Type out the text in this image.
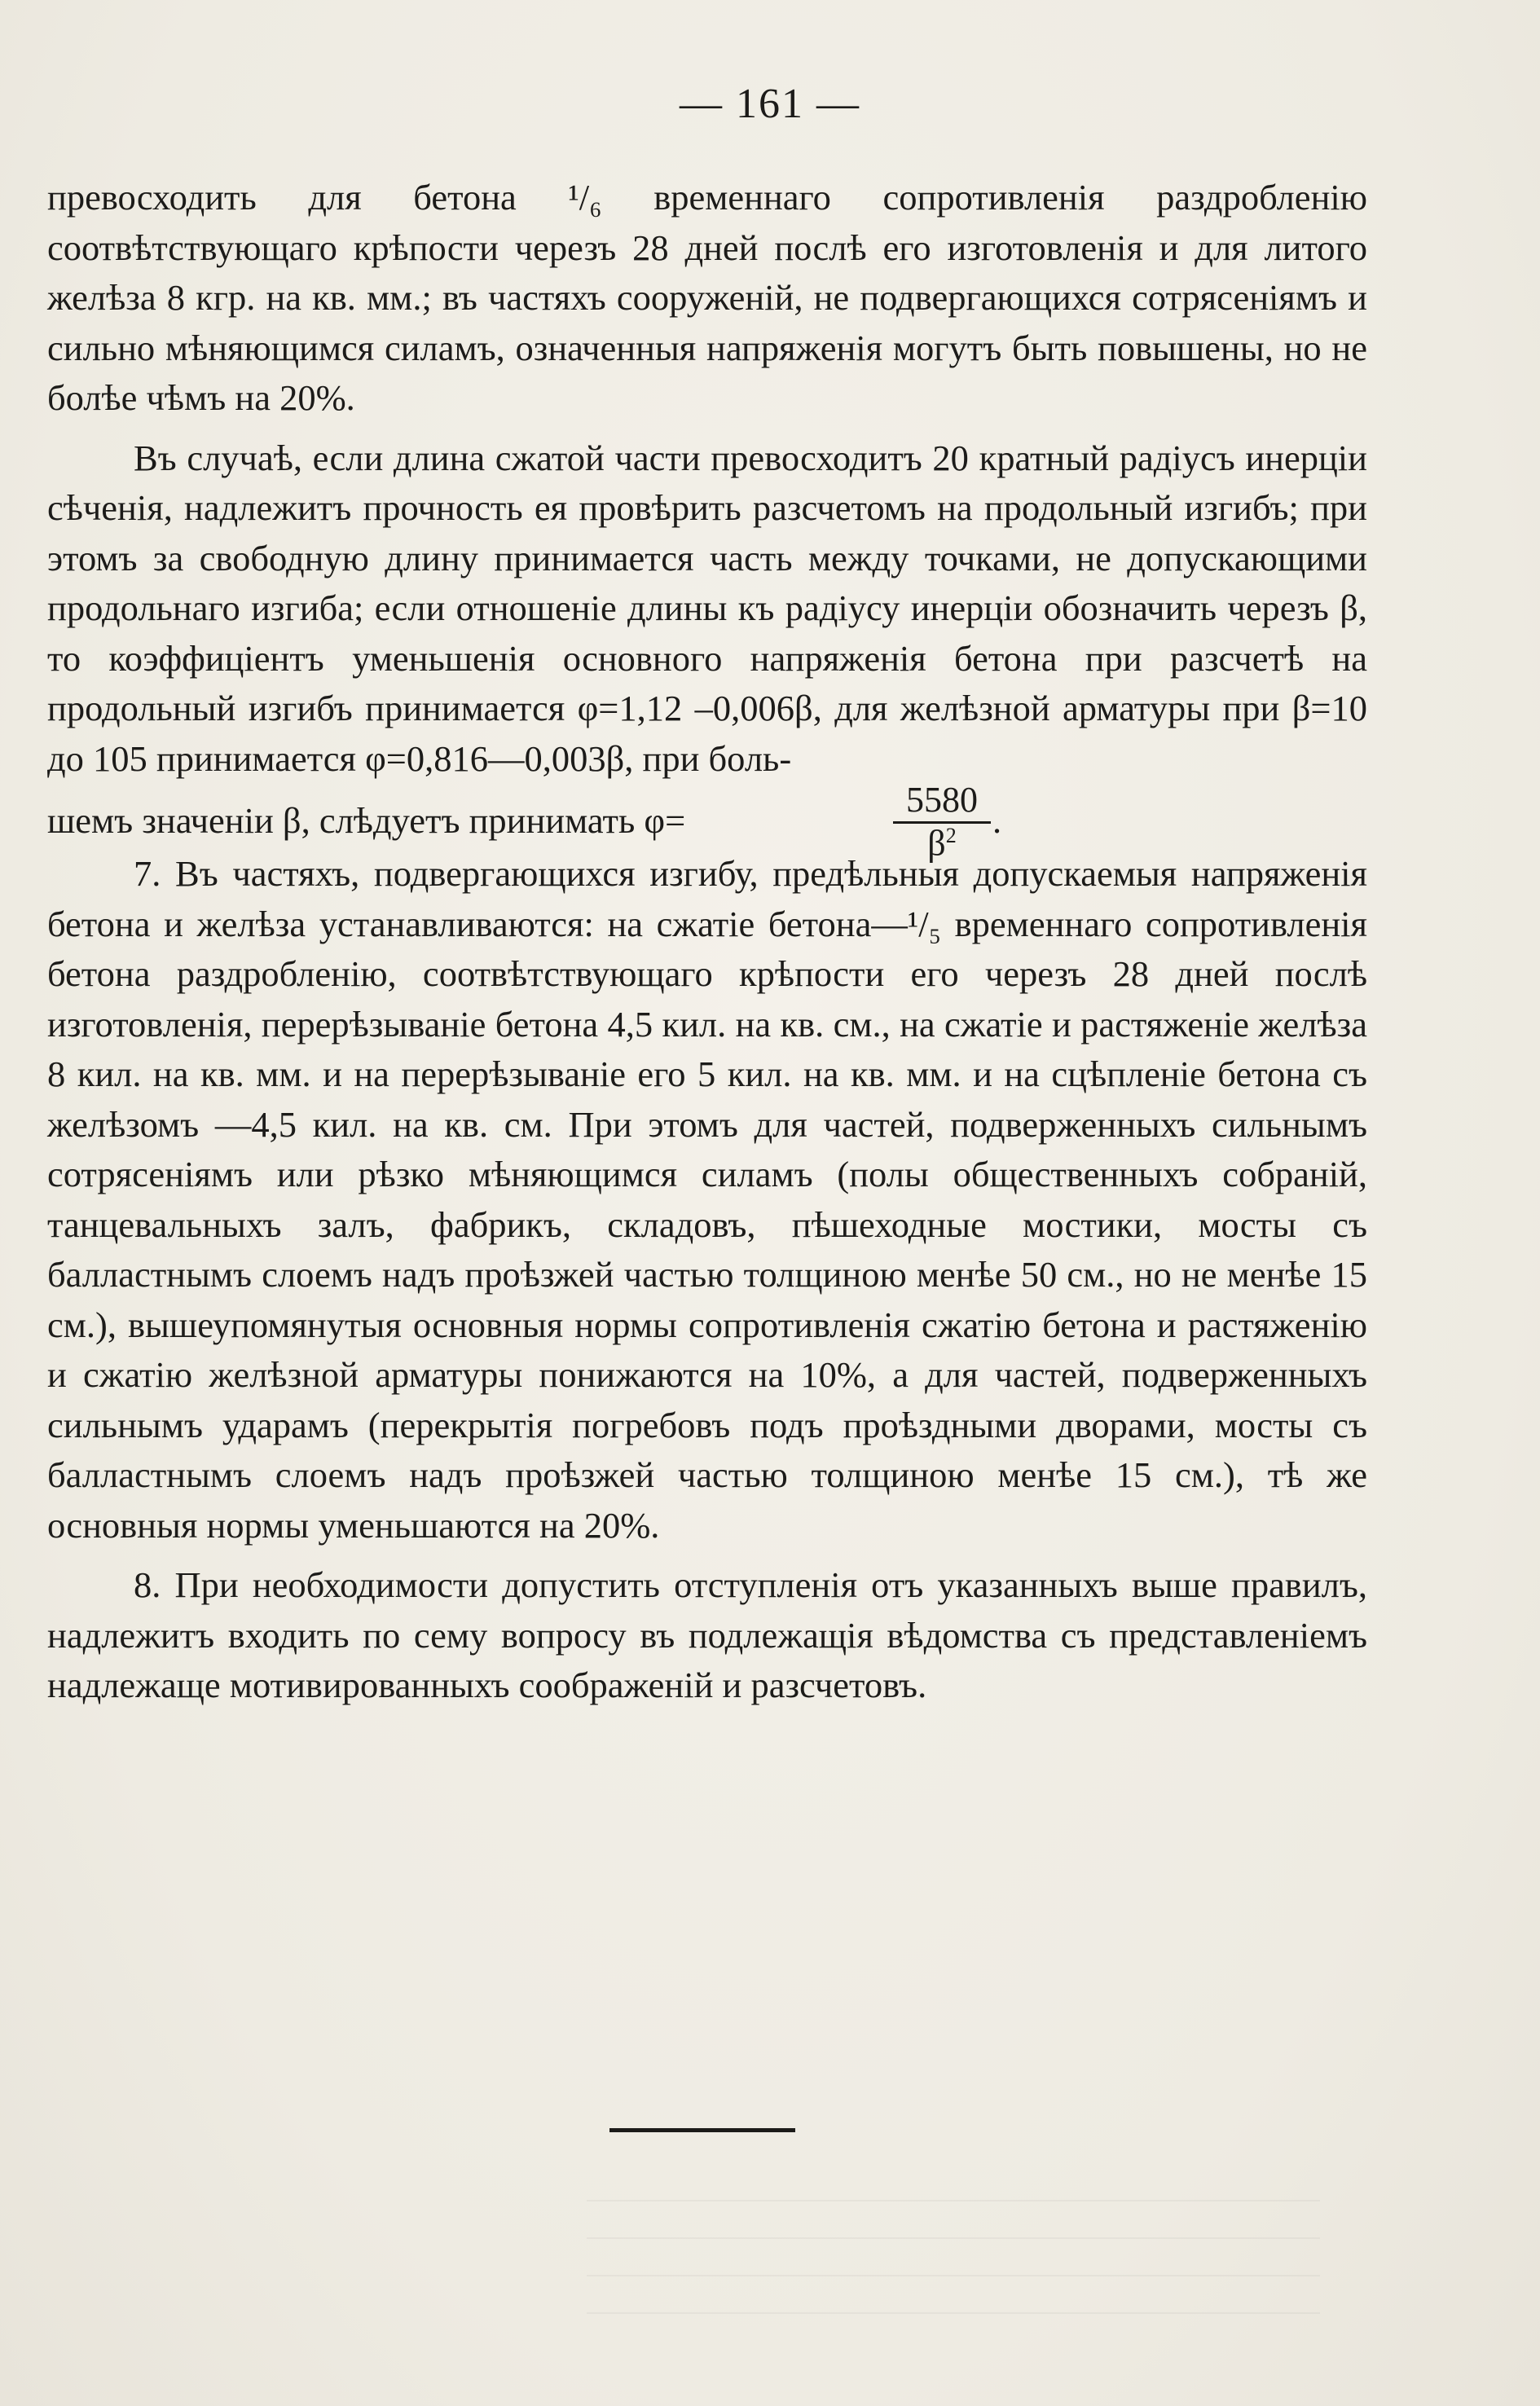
— 161 —

превосходить для бетона ¹/₆ временнаго сопротивленія раздробленію соотвѣтствующаго крѣпости черезъ 28 дней послѣ его изготовленія и для литого желѣза 8 кгр. на кв. мм.; въ частяхъ сооруженій, не подвергающихся сотрясеніямъ и сильно мѣняющимся силамъ, означенныя напряженія могутъ быть повышены, но не болѣе чѣмъ на 20%.

Въ случаѣ, если длина сжатой части превосходитъ 20 кратный радіусъ инерціи сѣченія, надлежитъ прочность ея провѣрить разсчетомъ на продольный изгибъ; при этомъ за свободную длину принимается часть между точками, не допускающими продольнаго изгиба; если отношеніе длины къ радіусу инерціи обозначить черезъ β, то коэффиціентъ уменьшенія основного напряженія бетона при разсчетѣ на продольный изгибъ принимается φ=1,12 –0,006β, для желѣзной арматуры при β=10 до 105 принимается φ=0,816—0,003β, при боль-

шемъ значеніи β, слѣдуетъ принимать φ=	$\frac{5580}{\beta^2}$ .

7. Въ частяхъ, подвергающихся изгибу, предѣльныя допускаемыя напряженія бетона и желѣза устанавливаются: на сжатіе бетона—¹/₅ временнаго сопротивленія бетона раздробленію, соотвѣтствующаго крѣпости его черезъ 28 дней послѣ изготовленія, перерѣзываніе бетона 4,5 кил. на кв. см., на сжатіе и растяженіе желѣза 8 кил. на кв. мм. и на перерѣзываніе его 5 кил. на кв. мм. и на сцѣпленіе бетона съ желѣзомъ —4,5 кил. на кв. см. При этомъ для частей, подверженныхъ сильнымъ сотрясеніямъ или рѣзко мѣняющимся силамъ (полы общественныхъ собраній, танцевальныхъ залъ, фабрикъ, складовъ, пѣшеходные мостики, мосты съ балластнымъ слоемъ надъ проѣзжей частью толщиною менѣе 50 см., но не менѣе 15 см.), вышеупомянутыя основныя нормы сопротивленія сжатію бетона и растяженію и сжатію желѣзной арматуры понижаются на 10%, а для частей, подверженныхъ сильнымъ ударамъ (перекрытія погребовъ подъ проѣздными дворами, мосты съ балластнымъ слоемъ надъ проѣзжей частью толщиною менѣе 15 см.), тѣ же основныя нормы уменьшаются на 20%.

8. При необходимости допустить отступленія отъ указанныхъ выше правилъ, надлежитъ входить по сему вопросу въ подлежащія вѣдомства съ представленіемъ надлежаще мотивированныхъ соображеній и разсчетовъ.
